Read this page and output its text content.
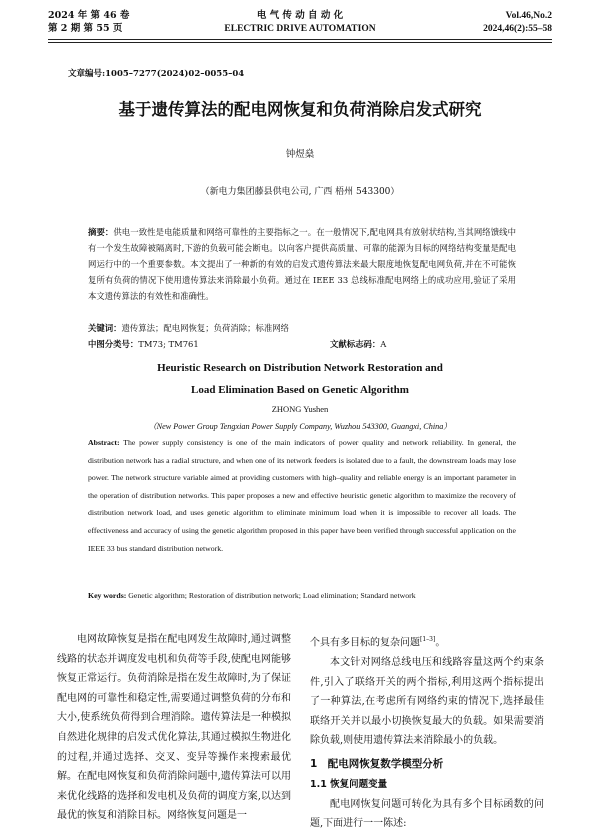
2024 年 第 46 卷
第 2 期 第 55 页
电 气 传 动 自 动 化
ELECTRIC DRIVE AUTOMATION
Vol.46,No.2
2024,46(2):55–58
文章编号:1005–7277(2024)02–0055–04
基于遗传算法的配电网恢复和负荷消除启发式研究
钟煜燊
（新电力集团藤县供电公司, 广西 梧州 543300）
摘要：供电一致性是电能质量和网络可靠性的主要指标之一。在一般情况下,配电网具有放射状结构,当其网络馈线中有一个发生故障被隔离时,下游的负载可能会断电。以向客户提供高质量、可靠的能源为目标的网络结构变量是配电网运行中的一个重要参数。本文提出了一种新的有效的启发式遗传算法来最大限度地恢复配电网负荷,并在不可能恢复所有负荷的情况下使用遗传算法来消除最小负荷。通过在 IEEE 33 总线标准配电网络上的成功应用,验证了采用本文遗传算法的有效性和准确性。
关键词：遗传算法；配电网恢复；负荷消除；标准网络
中图分类号：TM73; TM761	文献标志码：A
Heuristic Research on Distribution Network Restoration and
Load Elimination Based on Genetic Algorithm
ZHONG Yushen
（New Power Group Tengxian Power Supply Company, Wuzhou 543300, Guangxi, China）
Abstract: The power supply consistency is one of the main indicators of power quality and network reliability. In general, the distribution network has a radial structure, and when one of its network feeders is isolated due to a fault, the downstream loads may lose power. The network structure variable aimed at providing customers with high–quality and reliable energy is an important parameter in the operation of distribution networks. This paper proposes a new and effective heuristic genetic algorithm to maximize the recovery of distribution network load, and uses genetic algorithm to eliminate minimum load when it is impossible to recover all loads. The effectiveness and accuracy of using the genetic algorithm proposed in this paper have been verified through successful application on the IEEE 33 bus standard distribution network.
Key words: Genetic algorithm; Restoration of distribution network; Load elimination; Standard network
电网故障恢复是指在配电网发生故障时,通过调整线路的状态并调度发电机和负荷等手段,使配电网能够恢复正常运行。负荷消除是指在发生故障时,为了保证配电网的可靠性和稳定性,需要通过调整负荷的分布和大小,使系统负荷得到合理消除。遗传算法是一种模拟自然进化规律的启发式优化算法,其通过模拟生物进化的过程,并通过选择、交叉、变异等操作来搜索最优解。在配电网恢复和负荷消除问题中,遗传算法可以用来优化线路的选择和发电机及负荷的调度方案,以达到最优的恢复和消除目标。网络恢复问题是一
个具有多目标的复杂问题[1–3]。
本文针对网络总线电压和线路容量这两个约束条件,引入了联络开关的两个指标,利用这两个指标提出了一种算法,在考虑所有网络约束的情况下,选择最佳联络开关并以最小切换恢复最大的负载。如果需要消除负载,则使用遗传算法来消除最小的负载。
1　配电网恢复数学模型分析
1.1 恢复问题变量
配电网恢复问题可转化为具有多个目标函数的问题,下面进行一一陈述:
